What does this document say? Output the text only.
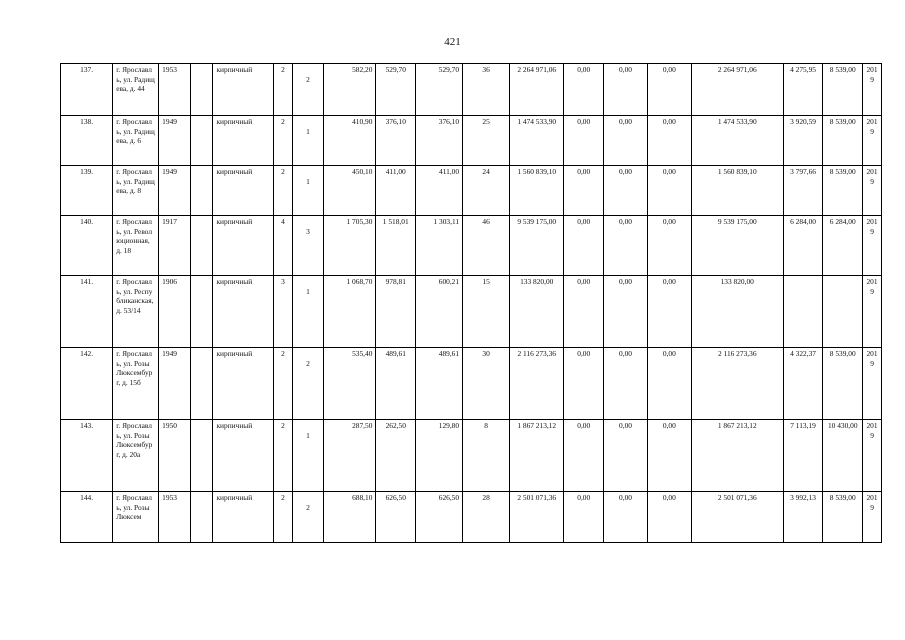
421
137.	г. Ярославль, ул. Радищева, д. 44	1953		кирпичный	2	2	582,20	529,70	529,70	36	2 264 971,06	0,00	0,00	0,00	2 264 971,06	4 275,95	8 539,00	2019
138.	г. Ярославль, ул. Радищева, д. 6	1949		кирпичный	2	1	410,90	376,10	376,10	25	1 474 533,90	0,00	0,00	0,00	1 474 533,90	3 920,59	8 539,00	2019
139.	г. Ярославль, ул. Радищева, д. 8	1949		кирпичный	2	1	450,10	411,00	411,00	24	1 560 839,10	0,00	0,00	0,00	1 560 839,10	3 797,66	8 539,00	2019
140.	г. Ярославль, ул. Революционная, д. 18	1917		кирпичный	4	3	1 705,30	1 518,01	1 303,11	46	9 539 175,00	0,00	0,00	0,00	9 539 175,00	6 284,00	6 284,00	2019
141.	г. Ярославль, ул. Республиканская, д. 53/14	1906		кирпичный	3	1	1 068,70	978,81	600,21	15	133 820,00	0,00	0,00	0,00	133 820,00			2019
142.	г. Ярославль, ул. Розы Люксембург, д. 15б	1949		кирпичный	2	2	535,40	489,61	489,61	30	2 116 273,36	0,00	0,00	0,00	2 116 273,36	4 322,37	8 539,00	2019
143.	г. Ярославль, ул. Розы Люксембург, д. 20а	1950		кирпичный	2	1	287,50	262,50	129,80	8	1 867 213,12	0,00	0,00	0,00	1 867 213,12	7 113,19	10 430,00	2019
144.	г. Ярославль, ул. Розы Люксем	1953		кирпичный	2	2	688,10	626,50	626,50	28	2 501 071,36	0,00	0,00	0,00	2 501 071,36	3 992,13	8 539,00	2019
